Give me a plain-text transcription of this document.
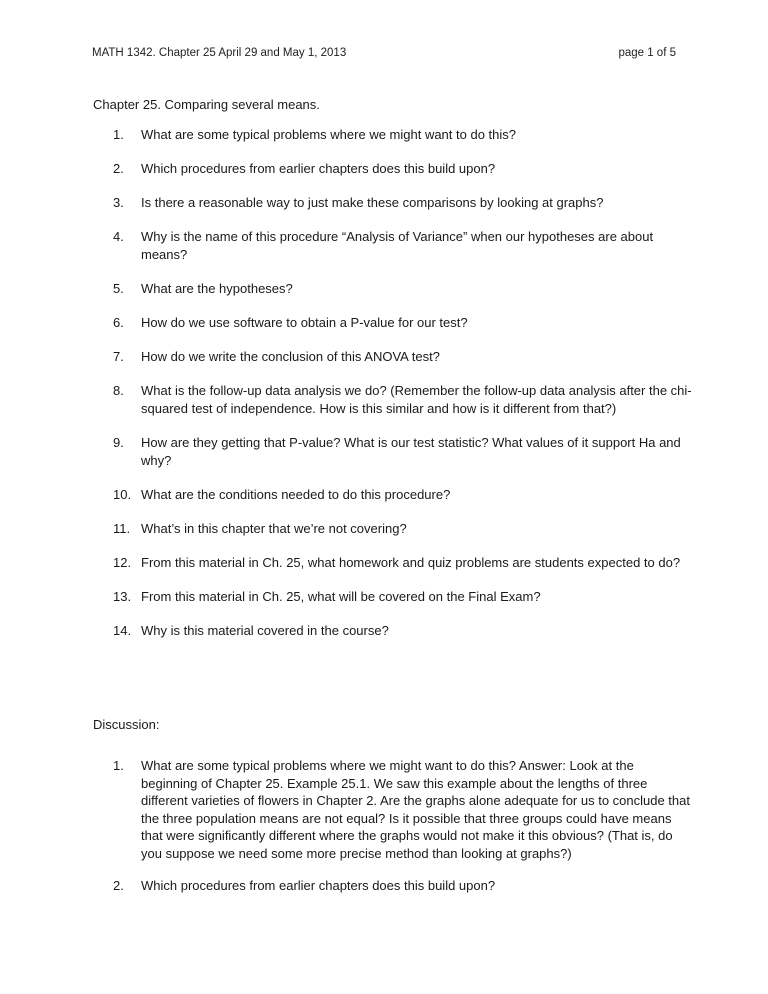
MATH 1342. Chapter 25 April 29 and May 1, 2013	page 1 of 5
Chapter 25. Comparing several means.
1.	What are some typical problems where we might want to do this?
2.	Which procedures from earlier chapters does this build upon?
3.	Is there a reasonable way to just make these comparisons by looking at graphs?
4.	Why is the name of this procedure “Analysis of Variance” when our hypotheses are about means?
5.	What are the hypotheses?
6.	How do we use software to obtain a P-value for our test?
7.	How do we write the conclusion of this ANOVA test?
8.	What is the follow-up data analysis we do? (Remember the follow-up data analysis after the chi-squared test of independence. How is this similar and how is it different from that?)
9.	How are they getting that P-value? What is our test statistic? What values of it support Ha and why?
10. What are the conditions needed to do this procedure?
11. What’s in this chapter that we’re not covering?
12. From this material in Ch. 25, what homework and quiz problems are students expected to do?
13. From this material in Ch. 25, what will be covered on the Final Exam?
14. Why is this material covered in the course?
1.	What are some typical problems where we might want to do this? Answer: Look at the beginning of Chapter 25. Example 25.1. We saw this example about the lengths of three different varieties of flowers in Chapter 2. Are the graphs alone adequate for us to conclude that the three population means are not equal? Is it possible that three groups could have means that were significantly different where the graphs would not make it this obvious? (That is, do you suppose we need some more precise method than looking at graphs?)
2.	Which procedures from earlier chapters does this build upon?
Discussion:
